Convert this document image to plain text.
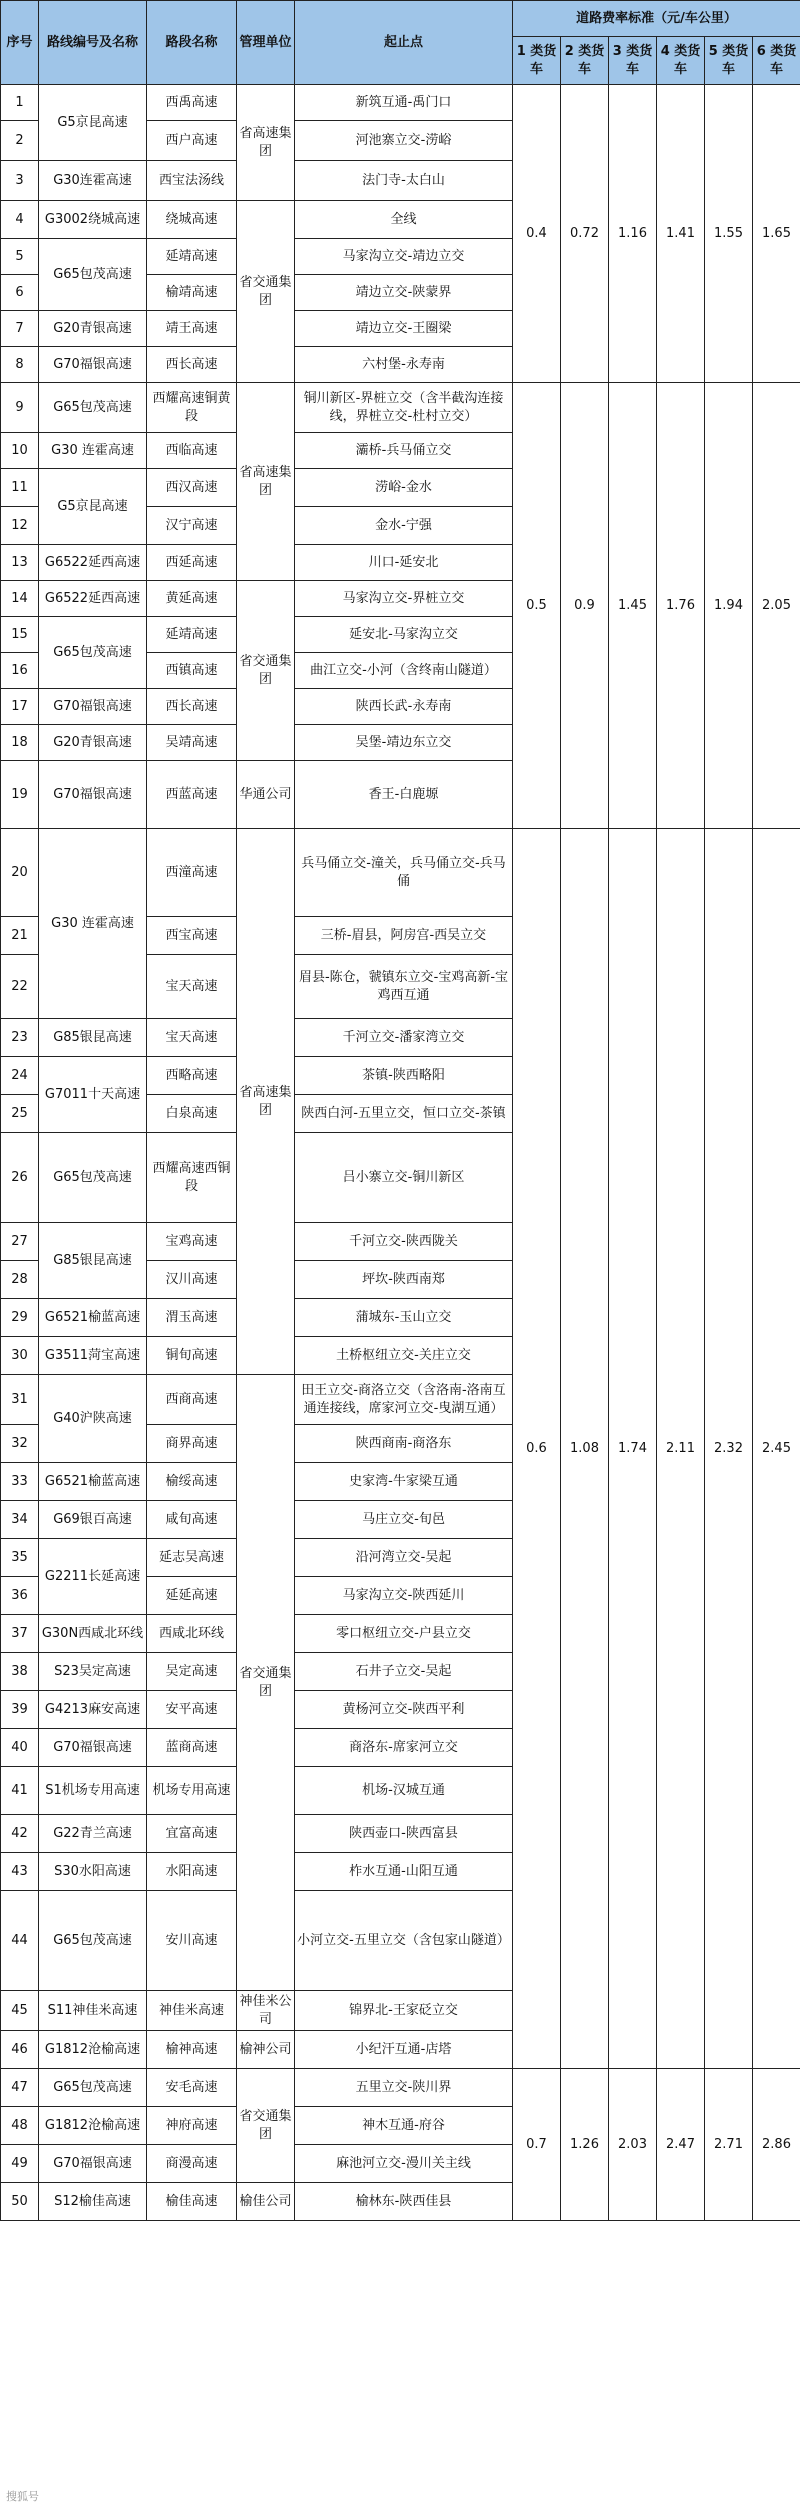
序号	路线编号及名称	路段名称	管理单位	起止点	道路费率标准（元/车公里）					
					1 类货车	2 类货车	3 类货车	4 类货车	5 类货车	6 类货车
1	G5京昆高速	西禹高速	省高速集团	新筑互通-禹门口	0.4	0.72	1.16	1.41	1.55	1.65
2		西户高速		河池寨立交-涝峪						
3	G30连霍高速	西宝法汤线		法门寺-太白山						
4	G3002绕城高速	绕城高速	省交通集团	全线						
5	G65包茂高速	延靖高速		马家沟立交-靖边立交						
6		榆靖高速		靖边立交-陕蒙界						
7	G20青银高速	靖王高速		靖边立交-王圈梁						
8	G70福银高速	西长高速		六村堡-永寿南						
9	G65包茂高速	西耀高速铜黄段	省高速集团	铜川新区-界桩立交（含半截沟连接线，界桩立交-杜村立交）	0.5	0.9	1.45	1.76	1.94	2.05
10	G30 连霍高速	西临高速		灞桥-兵马俑立交						
11	G5京昆高速	西汉高速		涝峪-金水						
12		汉宁高速		金水-宁强						
13	G6522延西高速	西延高速		川口-延安北						
14	G6522延西高速	黄延高速	省交通集团	马家沟立交-界桩立交						
15	G65包茂高速	延靖高速		延安北-马家沟立交						
16		西镇高速		曲江立交-小河（含终南山隧道）						
17	G70福银高速	西长高速		陕西长武-永寿南						
18	G20青银高速	吴靖高速		吴堡-靖边东立交						
19	G70福银高速	西蓝高速	华通公司	香王-白鹿塬						
20	G30 连霍高速	西潼高速	省高速集团	兵马俑立交-潼关，兵马俑立交-兵马俑	0.6	1.08	1.74	2.11	2.32	2.45
21		西宝高速		三桥-眉县，阿房宫-西吴立交						
22		宝天高速		眉县-陈仓，虢镇东立交-宝鸡高新-宝鸡西互通						
23	G85银昆高速	宝天高速		千河立交-潘家湾立交						
24	G7011十天高速	西略高速		茶镇-陕西略阳						
25		白泉高速		陕西白河-五里立交，恒口立交-茶镇						
26	G65包茂高速	西耀高速西铜段		吕小寨立交-铜川新区						
27	G85银昆高速	宝鸡高速		千河立交-陕西陇关						
28		汉川高速		坪坎-陕西南郑						
29	G6521榆蓝高速	渭玉高速		蒲城东-玉山立交						
30	G3511菏宝高速	铜旬高速		土桥枢纽立交-关庄立交						
31	G40沪陕高速	西商高速	省交通集团	田王立交-商洛立交（含洛南-洛南互通连接线，席家河立交-曳湖互通）						
32		商界高速		陕西商南-商洛东						
33	G6521榆蓝高速	榆绥高速		史家湾-牛家梁互通						
34	G69银百高速	咸旬高速		马庄立交-旬邑						
35	G2211长延高速	延志吴高速		沿河湾立交-吴起						
36		延延高速		马家沟立交-陕西延川						
37	G30N西咸北环线	西咸北环线		零口枢纽立交-户县立交						
38	S23吴定高速	吴定高速		石井子立交-吴起						
39	G4213麻安高速	安平高速		黄杨河立交-陕西平利						
40	G70福银高速	蓝商高速		商洛东-席家河立交						
41	S1机场专用高速	机场专用高速		机场-汉城互通						
42	G22青兰高速	宜富高速		陕西壶口-陕西富县						
43	S30水阳高速	水阳高速		柞水互通-山阳互通						
44	G65包茂高速	安川高速		小河立交-五里立交（含包家山隧道）						
45	S11神佳米高速	神佳米高速	神佳米公司	锦界北-王家砭立交						
46	G1812沧榆高速	榆神高速	榆神公司	小纪汗互通-店塔						
47	G65包茂高速	安毛高速	省交通集团	五里立交-陕川界	0.7	1.26	2.03	2.47	2.71	2.86
48	G1812沧榆高速	神府高速		神木互通-府谷						
49	G70福银高速	商漫高速		麻池河立交-漫川关主线						
50	S12榆佳高速	榆佳高速	榆佳公司	榆林东-陕西佳县						
搜狐号
